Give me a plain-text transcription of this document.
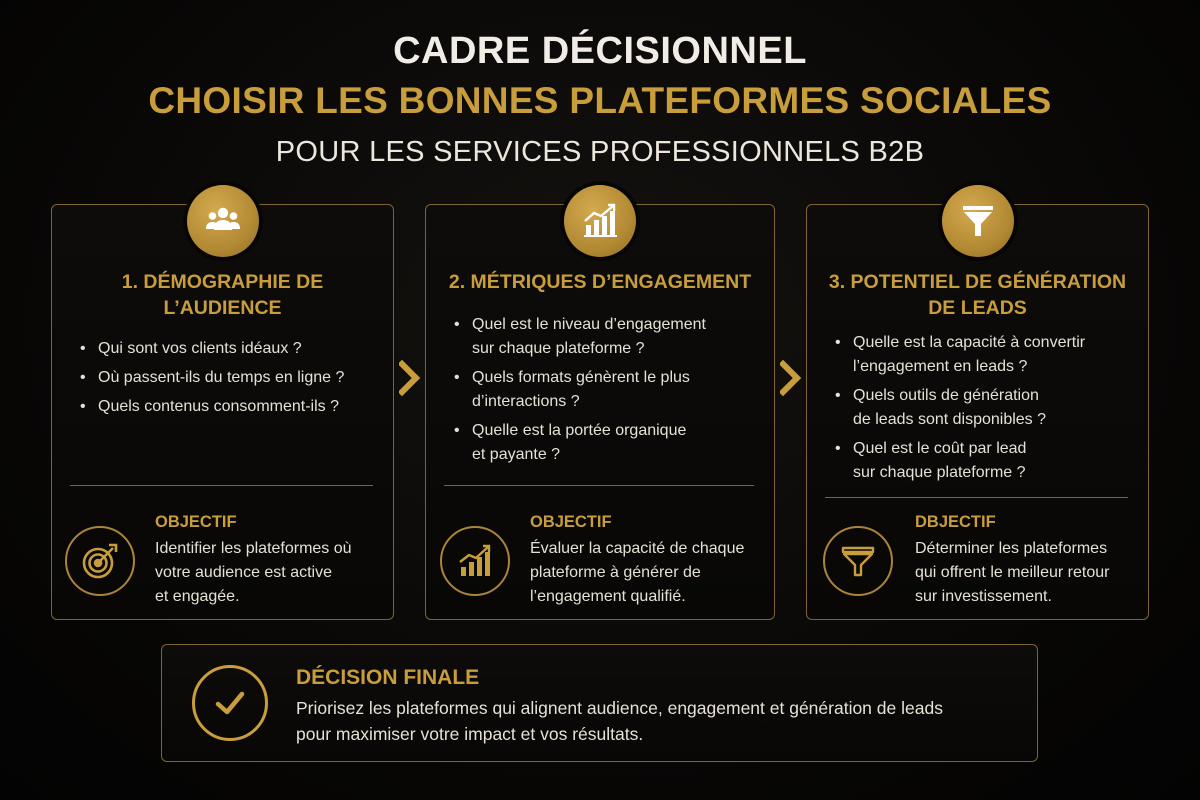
CADRE DÉCISIONNEL
CHOISIR LES BONNES PLATEFORMES SOCIALES
POUR LES SERVICES PROFESSIONNELS B2B
1. DÉMOGRAPHIE DE
L’AUDIENCE
• Qui sont vos clients idéaux ?
• Où passent-ils du temps en ligne ?
• Quels contenus consomment-ils ?
OBJECTIF
Identifier les plateformes où
votre audience est active
et engagée.
2. MÉTRIQUES D’ENGAGEMENT
• Quel est le niveau d’engagement
sur chaque plateforme ?
• Quels formats génèrent le plus
d’interactions ?
• Quelle est la portée organique
et payante ?
OBJECTIF
Évaluer la capacité de chaque
plateforme à générer de
l’engagement qualifié.
3. POTENTIEL DE GÉNÉRATION
DE LEADS
• Quelle est la capacité à convertir
l’engagement en leads ?
• Quels outils de génération
de leads sont disponibles ?
• Quel est le coût par lead
sur chaque plateforme ?
DBJECTIF
Déterminer les plateformes
qui offrent le meilleur retour
sur investissement.
DÉCISION FINALE
Priorisez les plateformes qui alignent audience, engagement et génération de leads
pour maximiser votre impact et vos résultats.
